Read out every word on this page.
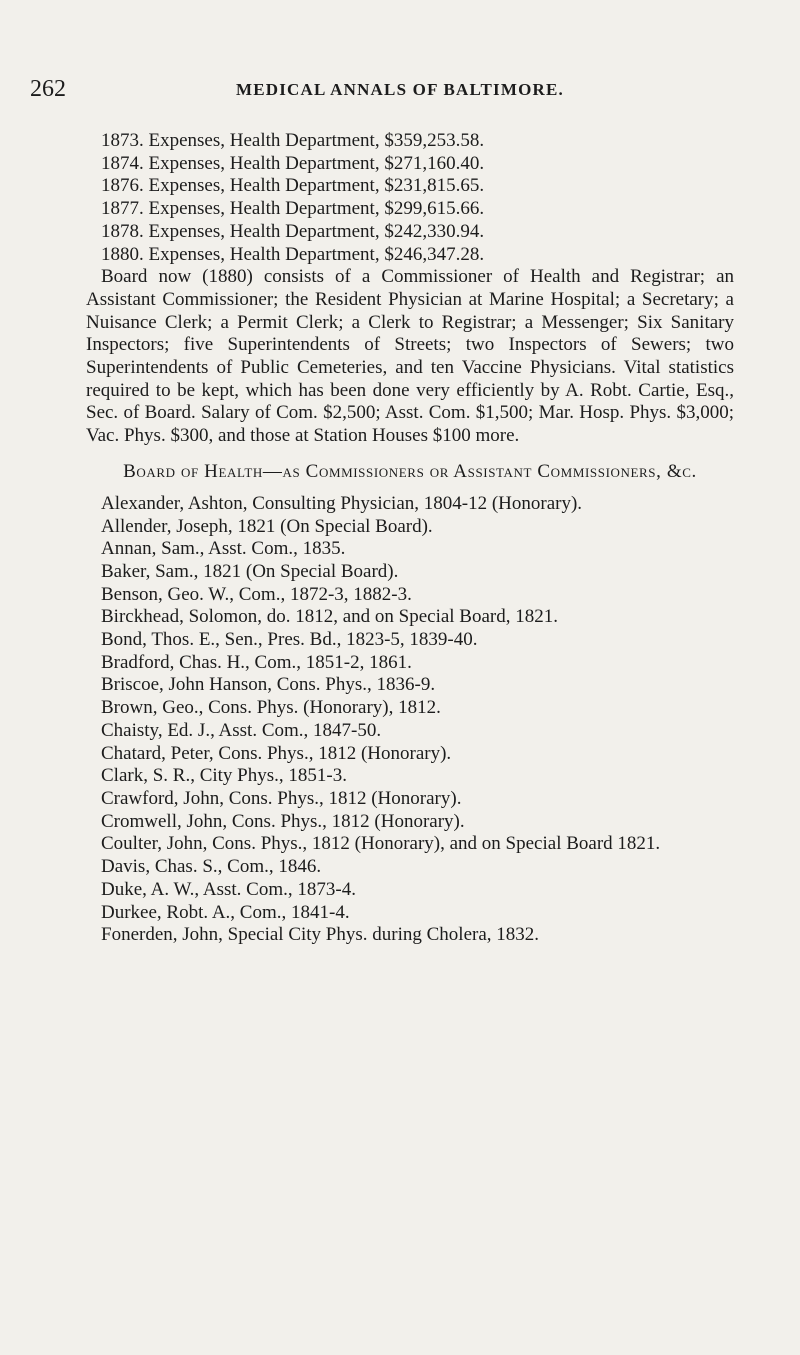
262	MEDICAL ANNALS OF BALTIMORE.
1873. Expenses, Health Department, $359,253.58.
1874. Expenses, Health Department, $271,160.40.
1876. Expenses, Health Department, $231,815.65.
1877. Expenses, Health Department, $299,615.66.
1878. Expenses, Health Department, $242,330.94.
1880. Expenses, Health Department, $246,347.28.
Board now (1880) consists of a Commissioner of Health and Registrar; an Assistant Commissioner; the Resident Physician at Marine Hospital; a Secretary; a Nuisance Clerk; a Permit Clerk; a Clerk to Registrar; a Messenger; Six Sanitary Inspectors; five Superintendents of Streets; two Inspectors of Sewers; two Superintendents of Public Cemeteries, and ten Vaccine Physicians. Vital statistics required to be kept, which has been done very efficiently by A. Robt. Cartie, Esq., Sec. of Board. Salary of Com. $2,500; Asst. Com. $1,500; Mar. Hosp. Phys. $3,000; Vac. Phys. $300, and those at Station Houses $100 more.
Board of Health—as Commissioners or Assistant Commissioners, &c.
Alexander, Ashton, Consulting Physician, 1804-12 (Honorary).
Allender, Joseph, 1821 (On Special Board).
Annan, Sam., Asst. Com., 1835.
Baker, Sam., 1821 (On Special Board).
Benson, Geo. W., Com., 1872-3, 1882-3.
Birckhead, Solomon, do. 1812, and on Special Board, 1821.
Bond, Thos. E., Sen., Pres. Bd., 1823-5, 1839-40.
Bradford, Chas. H., Com., 1851-2, 1861.
Briscoe, John Hanson, Cons. Phys., 1836-9.
Brown, Geo., Cons. Phys. (Honorary), 1812.
Chaisty, Ed. J., Asst. Com., 1847-50.
Chatard, Peter, Cons. Phys., 1812 (Honorary).
Clark, S. R., City Phys., 1851-3.
Crawford, John, Cons. Phys., 1812 (Honorary).
Cromwell, John, Cons. Phys., 1812 (Honorary).
Coulter, John, Cons. Phys., 1812 (Honorary), and on Special Board 1821.
Davis, Chas. S., Com., 1846.
Duke, A. W., Asst. Com., 1873-4.
Durkee, Robt. A., Com., 1841-4.
Fonerden, John, Special City Phys. during Cholera, 1832.
